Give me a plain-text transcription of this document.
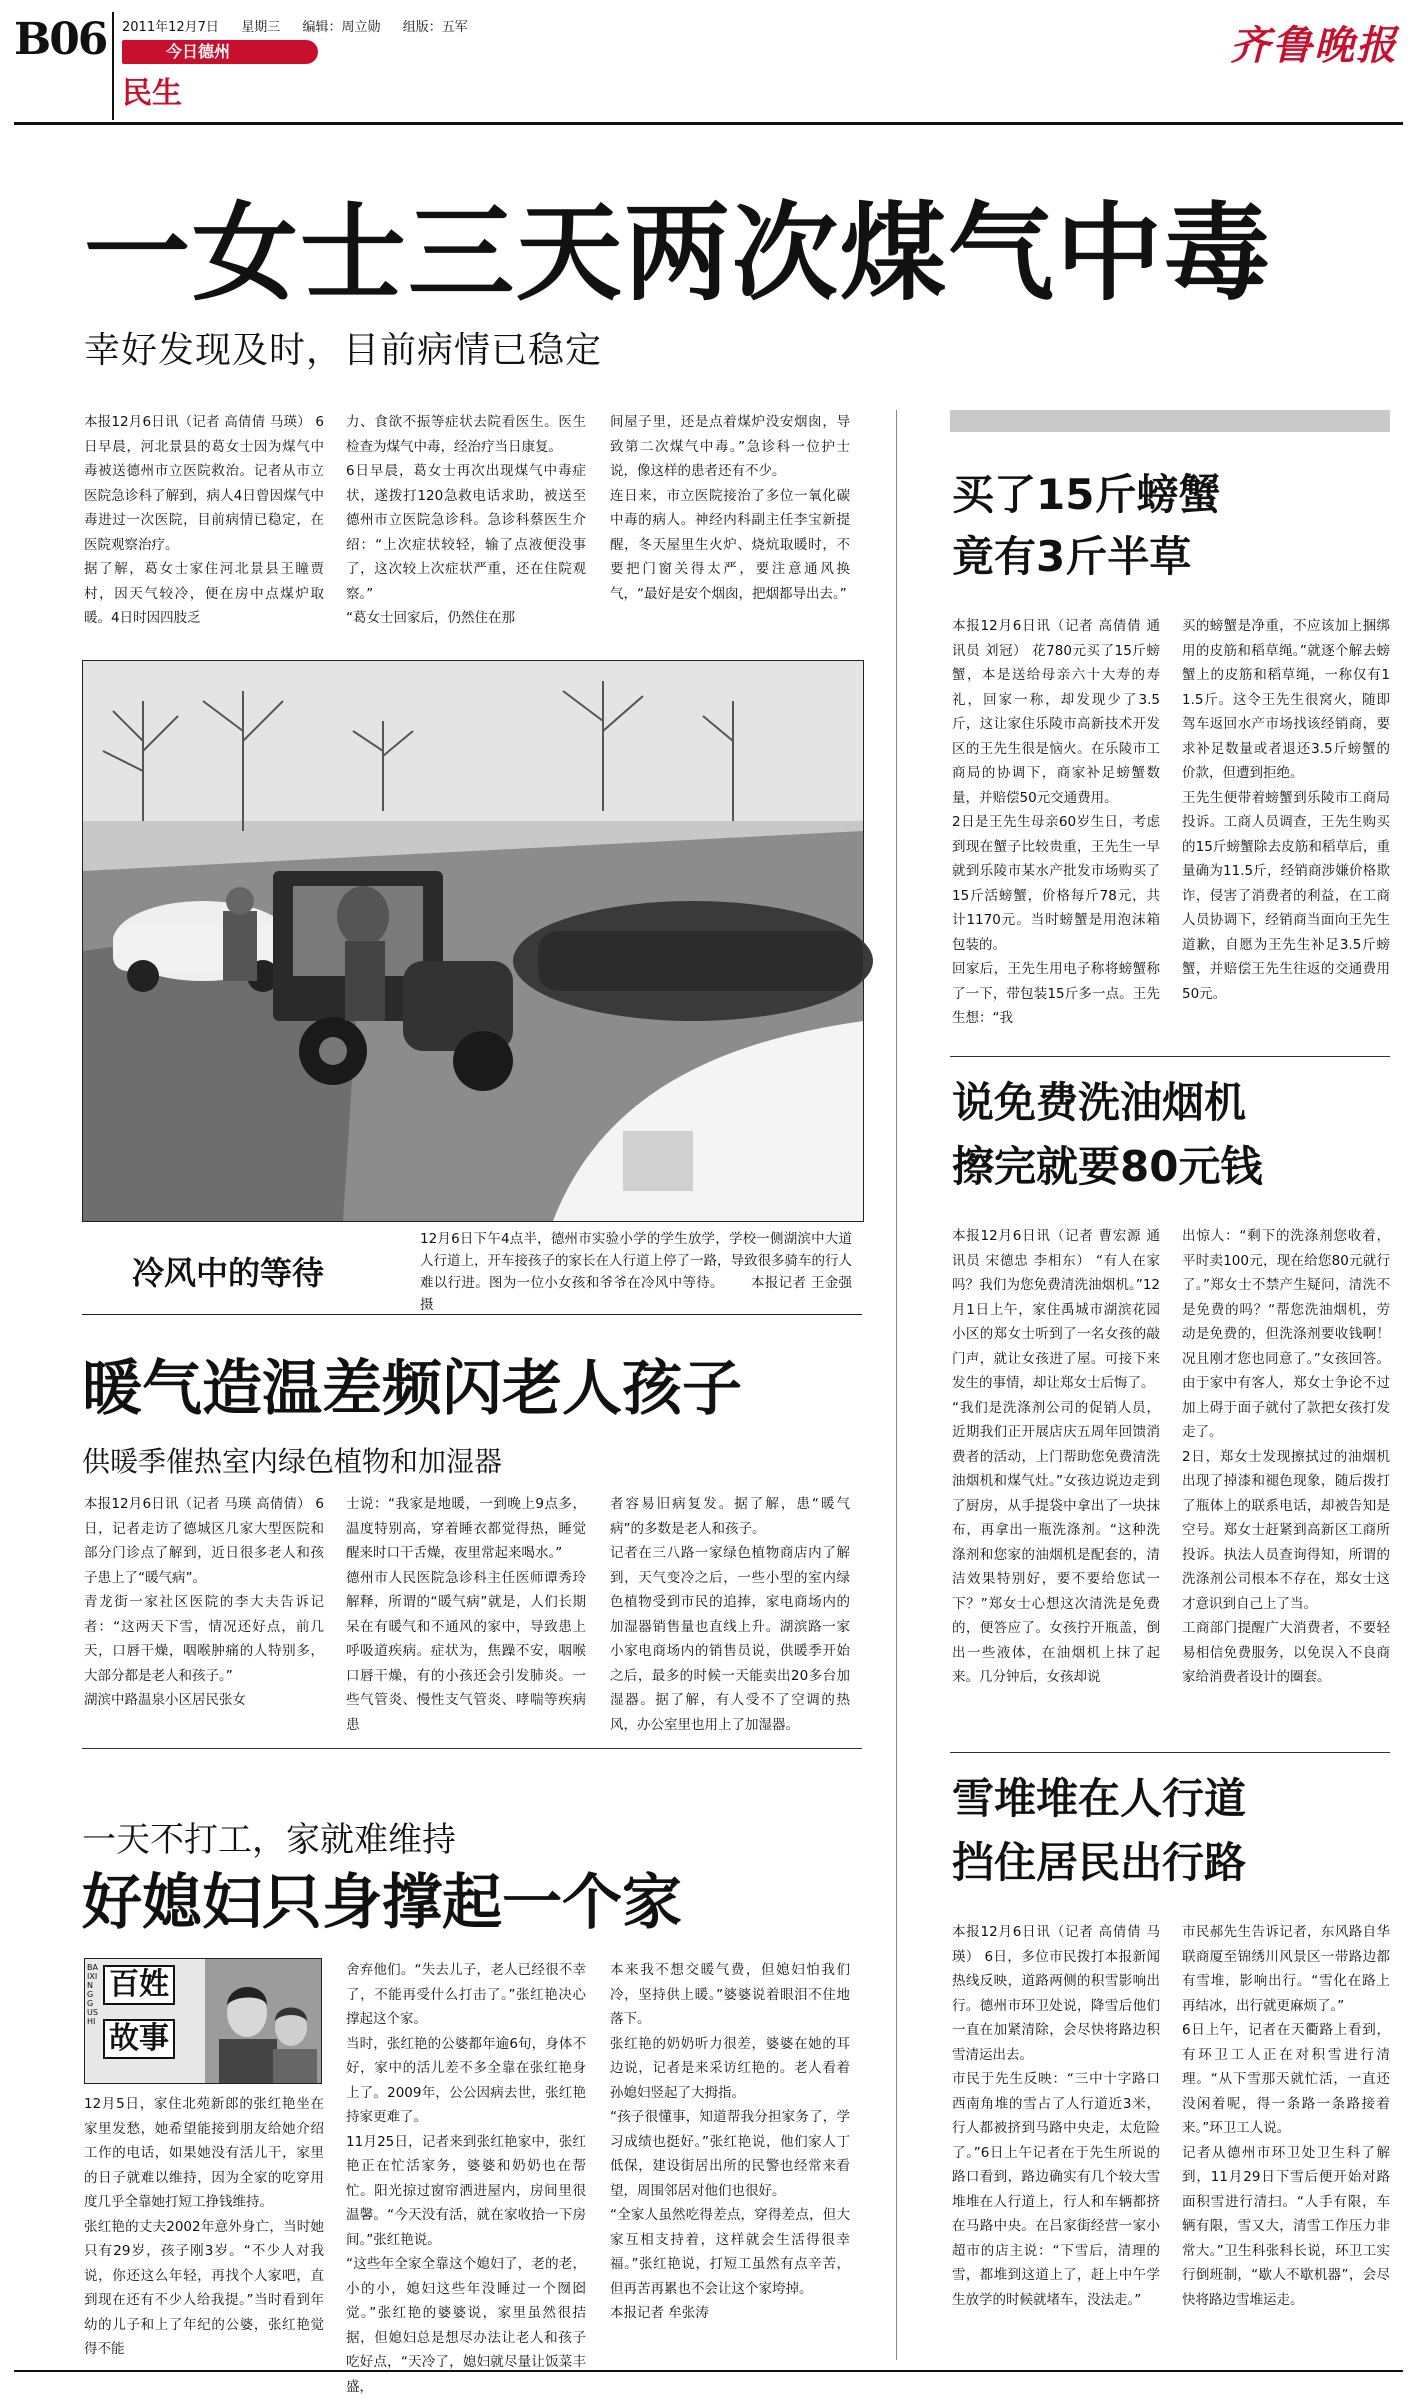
B06 2011年12月7日 星期三 编辑：周立勋 组版：五军
今日德州
民生
齐鲁晚报
一女士三天两次煤气中毒
幸好发现及时，目前病情已稳定
本报12月6日讯（记者 高倩倩 马瑛） 6日早晨，河北景县的葛女士因为煤气中毒被送德州市立医院救治。记者从市立医院急诊科了解到，病人4日曾因煤气中毒进过一次医院，目前病情已稳定，在医院观察治疗。
据了解，葛女士家住河北景县王瞳贾村，因天气较冷，便在房中点煤炉取暖。4日时因四肢乏
力、食欲不振等症状去院看医生。医生检查为煤气中毒，经治疗当日康复。
6日早晨，葛女士再次出现煤气中毒症状，遂拨打120急救电话求助，被送至德州市立医院急诊科。急诊科蔡医生介绍：“上次症状较轻，输了点液便没事了，这次较上次症状严重，还在住院观察。”
“葛女士回家后，仍然住在那
间屋子里，还是点着煤炉没安烟囱，导致第二次煤气中毒。”急诊科一位护士说，像这样的患者还有不少。
连日来，市立医院接治了多位一氧化碳中毒的病人。神经内科副主任李宝新提醒，冬天屋里生火炉、烧炕取暖时，不要把门窗关得太严，要注意通风换气，“最好是安个烟囱，把烟都导出去。”
冷风中的等待
12月6日下午4点半，德州市实验小学的学生放学，学校一侧湖滨中大道人行道上，开车接孩子的家长在人行道上停了一路，导致很多骑车的行人难以行进。图为一位小女孩和爷爷在冷风中等待。 本报记者 王金强 摄
暖气造温差频闪老人孩子
供暖季催热室内绿色植物和加湿器
本报12月6日讯（记者 马瑛 高倩倩） 6日，记者走访了德城区几家大型医院和部分门诊点了解到，近日很多老人和孩子患上了“暖气病”。
青龙街一家社区医院的李大夫告诉记者：“这两天下雪，情况还好点，前几天，口唇干燥，咽喉肿痛的人特别多，大部分都是老人和孩子。”
湖滨中路温泉小区居民张女
士说：“我家是地暖，一到晚上9点多，温度特别高，穿着睡衣都觉得热，睡觉醒来时口干舌燥，夜里常起来喝水。”
德州市人民医院急诊科主任医师谭秀玲解释，所谓的“暖气病”就是，人们长期呆在有暖气和不通风的家中，导致患上呼吸道疾病。症状为，焦躁不安，咽喉口唇干燥，有的小孩还会引发肺炎。一些气管炎、慢性支气管炎、哮喘等疾病患
者容易旧病复发。据了解，患“暖气病”的多数是老人和孩子。
记者在三八路一家绿色植物商店内了解到，天气变冷之后，一些小型的室内绿色植物受到市民的追捧，家电商场内的加湿器销售量也直线上升。湖滨路一家小家电商场内的销售员说，供暖季开始之后，最多的时候一天能卖出20多台加湿器。据了解，有人受不了空调的热风，办公室里也用上了加湿器。
一天不打工，家就难维持
好媳妇只身撑起一个家
BAIXINGGUSHI
百姓
故事
12月5日，家住北苑新郎的张红艳坐在家里发愁，她希望能接到朋友给她介绍工作的电话，如果她没有活儿干，家里的日子就难以维持，因为全家的吃穿用度几乎全靠她打短工挣钱维持。
张红艳的丈夫2002年意外身亡，当时她只有29岁，孩子刚3岁。“不少人对我说，你还这么年轻，再找个人家吧，直到现在还有不少人给我提。”当时看到年幼的儿子和上了年纪的公婆，张红艳觉得不能
舍弃他们。“失去儿子，老人已经很不幸了，不能再受什么打击了。”张红艳决心撑起这个家。
当时，张红艳的公婆都年逾6旬，身体不好，家中的活儿差不多全靠在张红艳身上了。2009年，公公因病去世，张红艳持家更难了。
11月25日，记者来到张红艳家中，张红艳正在忙活家务，婆婆和奶奶也在帮忙。阳光掠过窗帘洒进屋内，房间里很温馨。“今天没有活，就在家收拾一下房间。”张红艳说。
“这些年全家全靠这个媳妇了，老的老，小的小，媳妇这些年没睡过一个囫囵觉。”张红艳的婆婆说，家里虽然很拮据，但媳妇总是想尽办法让老人和孩子吃好点，“天冷了，媳妇就尽量让饭菜丰盛，
本来我不想交暖气费，但媳妇怕我们冷，坚持供上暖。”婆婆说着眼泪不住地落下。
张红艳的奶奶听力很差，婆婆在她的耳边说，记者是来采访红艳的。老人看着孙媳妇竖起了大拇指。
“孩子很懂事，知道帮我分担家务了，学习成绩也挺好。”张红艳说，他们家人丁低保，建设街居出所的民警也经常来看望，周围邻居对他们也很好。
“全家人虽然吃得差点，穿得差点，但大家互相支持着，这样就会生活得很幸福。”张红艳说，打短工虽然有点辛苦，但再苦再累也不会让这个家垮掉。
本报记者 牟张涛
买了15斤螃蟹
竟有3斤半草
本报12月6日讯（记者 高倩倩 通讯员 刘冠） 花780元买了15斤螃蟹，本是送给母亲六十大寿的寿礼，回家一称，却发现少了3.5斤，这让家住乐陵市高新技术开发区的王先生很是恼火。在乐陵市工商局的协调下，商家补足螃蟹数量，并赔偿50元交通费用。
2日是王先生母亲60岁生日，考虑到现在蟹子比较贵重，王先生一早就到乐陵市某水产批发市场购买了15斤活螃蟹，价格每斤78元，共计1170元。当时螃蟹是用泡沫箱包装的。
回家后，王先生用电子称将螃蟹称了一下，带包装15斤多一点。王先生想：“我
买的螃蟹是净重，不应该加上捆绑用的皮筋和稻草绳。”就逐个解去螃蟹上的皮筋和稻草绳，一称仅有11.5斤。这令王先生很窝火，随即驾车返回水产市场找该经销商，要求补足数量或者退还3.5斤螃蟹的价款，但遭到拒绝。
王先生便带着螃蟹到乐陵市工商局投诉。工商人员调查，王先生购买的15斤螃蟹除去皮筋和稻草后，重量确为11.5斤，经销商涉嫌价格欺诈，侵害了消费者的利益，在工商人员协调下，经销商当面向王先生道歉，自愿为王先生补足3.5斤螃蟹，并赔偿王先生往返的交通费用50元。
说免费洗油烟机
擦完就要80元钱
本报12月6日讯（记者 曹宏源 通讯员 宋德忠 李相东） “有人在家吗？我们为您免费清洗油烟机。”12月1日上午，家住禹城市湖滨花园小区的郑女士听到了一名女孩的敲门声，就让女孩进了屋。可接下来发生的事情，却让郑女士后悔了。
“我们是洗涤剂公司的促销人员，近期我们正开展店庆五周年回馈消费者的活动，上门帮助您免费清洗油烟机和煤气灶。”女孩边说边走到了厨房，从手提袋中拿出了一块抹布，再拿出一瓶洗涤剂。“这种洗涤剂和您家的油烟机是配套的，清洁效果特别好，要不要给您试一下？”郑女士心想这次清洗是免费的，便答应了。女孩拧开瓶盖，倒出一些液体，在油烟机上抹了起来。几分钟后，女孩却说
出惊人：“剩下的洗涤剂您收着，平时卖100元，现在给您80元就行了。”郑女士不禁产生疑问，清洗不是免费的吗？“帮您洗油烟机，劳动是免费的，但洗涤剂要收钱啊！况且刚才您也同意了。”女孩回答。由于家中有客人，郑女士争论不过加上碍于面子就付了款把女孩打发走了。
2日，郑女士发现擦拭过的油烟机出现了掉漆和褪色现象，随后拨打了瓶体上的联系电话，却被告知是空号。郑女士赶紧到高新区工商所投诉。执法人员查询得知，所谓的洗涤剂公司根本不存在，郑女士这才意识到自己上了当。
工商部门提醒广大消费者，不要轻易相信免费服务，以免误入不良商家给消费者设计的圈套。
雪堆堆在人行道
挡住居民出行路
本报12月6日讯（记者 高倩倩 马瑛） 6日，多位市民拨打本报新闻热线反映，道路两侧的积雪影响出行。德州市环卫处说，降雪后他们一直在加紧清除，会尽快将路边积雪清运出去。
市民于先生反映：“三中十字路口西南角堆的雪占了人行道近3米，行人都被挤到马路中央走，太危险了。”6日上午记者在于先生所说的路口看到，路边确实有几个较大雪堆堆在人行道上，行人和车辆都挤在马路中央。在吕家街经营一家小超市的店主说：“下雪后，清理的雪，都堆到这道上了，赶上中午学生放学的时候就堵车，没法走。”
市民郝先生告诉记者，东风路自华联商厦至锦绣川风景区一带路边都有雪堆，影响出行。“雪化在路上再结冰，出行就更麻烦了。”
6日上午，记者在天衢路上看到，有环卫工人正在对积雪进行清理。“从下雪那天就忙活，一直还没闲着呢，得一条路一条路接着来。”环卫工人说。
记者从德州市环卫处卫生科了解到，11月29日下雪后便开始对路面积雪进行清扫。“人手有限，车辆有限，雪又大，清雪工作压力非常大。”卫生科张科长说，环卫工实行倒班制，“歇人不歇机器”，会尽快将路边雪堆运走。
